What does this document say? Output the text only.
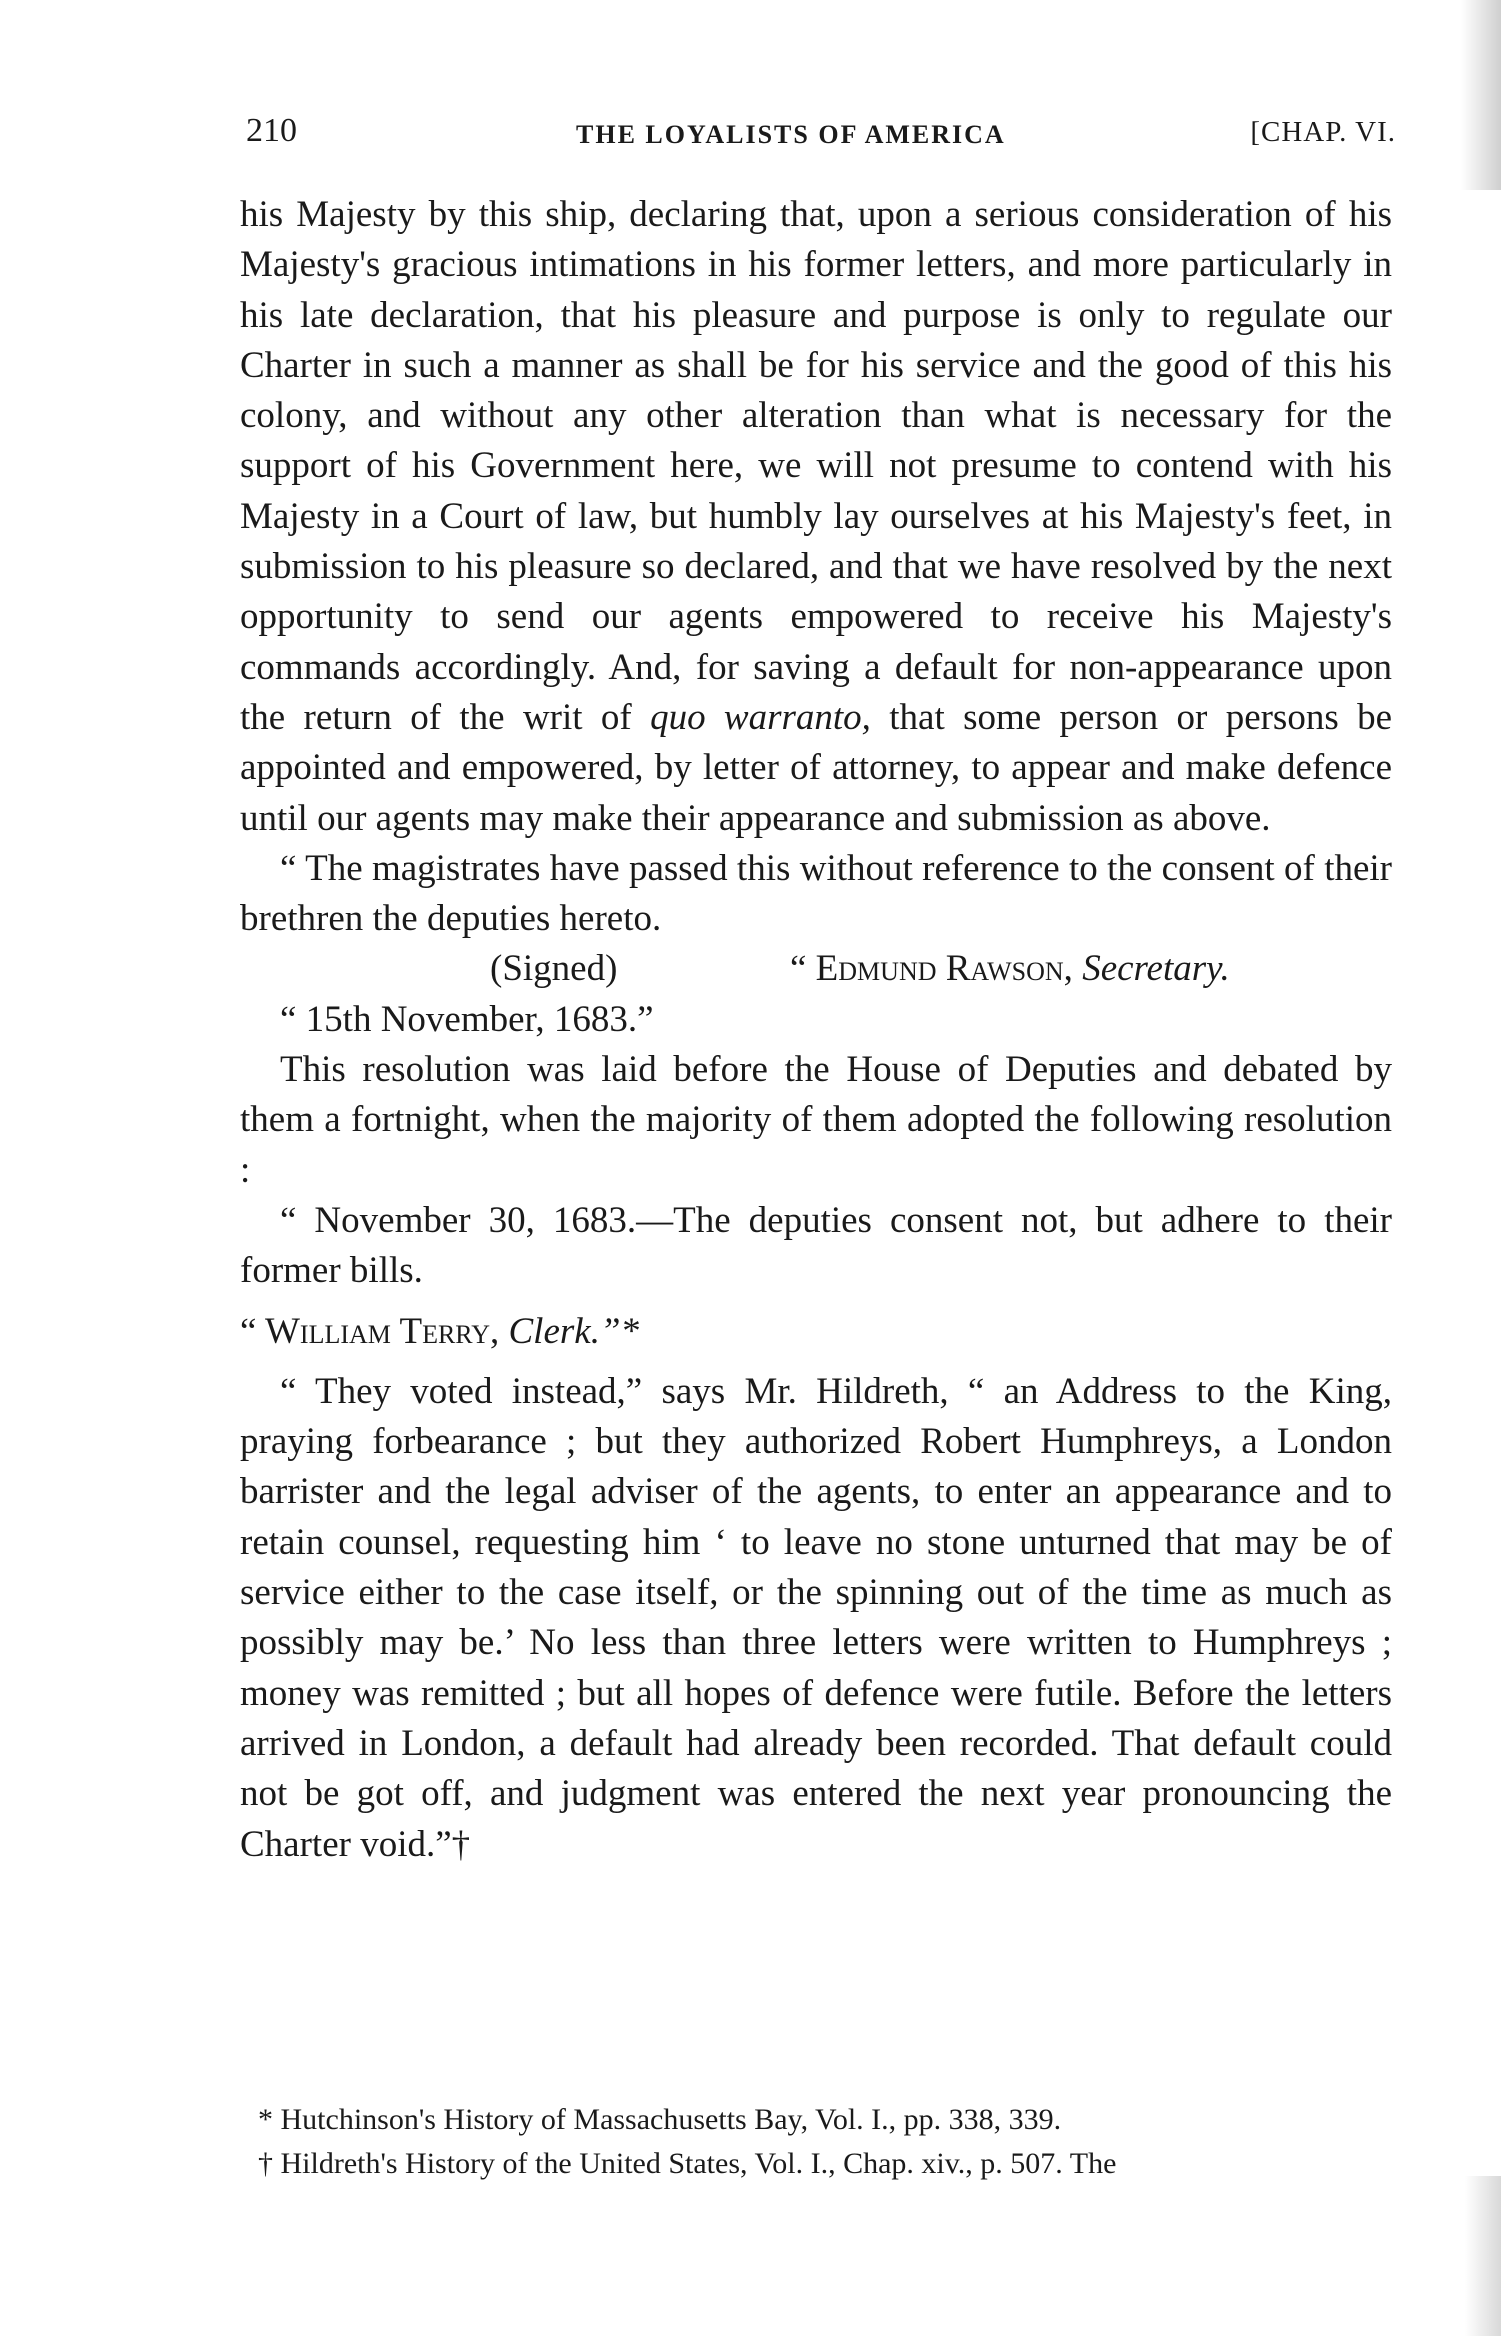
210	THE LOYALISTS OF AMERICA	[CHAP. VI.

his Majesty by this ship, declaring that, upon a serious consideration of his Majesty's gracious intimations in his former letters, and more particularly in his late declaration, that his pleasure and purpose is only to regulate our Charter in such a manner as shall be for his service and the good of this his colony, and without any other alteration than what is necessary for the support of his Government here, we will not presume to contend with his Majesty in a Court of law, but humbly lay ourselves at his Majesty's feet, in submission to his pleasure so declared, and that we have resolved by the next opportunity to send our agents empowered to receive his Majesty's commands accordingly. And, for saving a default for non-appearance upon the return of the writ of quo warranto, that some person or persons be appointed and empowered, by letter of attorney, to appear and make defence until our agents may make their appearance and submission as above.

“ The magistrates have passed this without reference to the consent of their brethren the deputies hereto.

(Signed)	“ Edmund Rawson, Secretary.

“ 15th November, 1683.”

This resolution was laid before the House of Deputies and debated by them a fortnight, when the majority of them adopted the following resolution :

“ November 30, 1683.—The deputies consent not, but adhere to their former bills.

“ William Terry, Clerk.”*

“ They voted instead,” says Mr. Hildreth, “ an Address to the King, praying forbearance ; but they authorized Robert Humphreys, a London barrister and the legal adviser of the agents, to enter an appearance and to retain counsel, requesting him ‘ to leave no stone unturned that may be of service either to the case itself, or the spinning out of the time as much as possibly may be.’ No less than three letters were written to Humphreys ; money was remitted ; but all hopes of defence were futile. Before the letters arrived in London, a default had already been recorded. That default could not be got off, and judgment was entered the next year pronouncing the Charter void.”†

* Hutchinson's History of Massachusetts Bay, Vol. I., pp. 338, 339.

† Hildreth's History of the United States, Vol. I., Chap. xiv., p. 507. The
